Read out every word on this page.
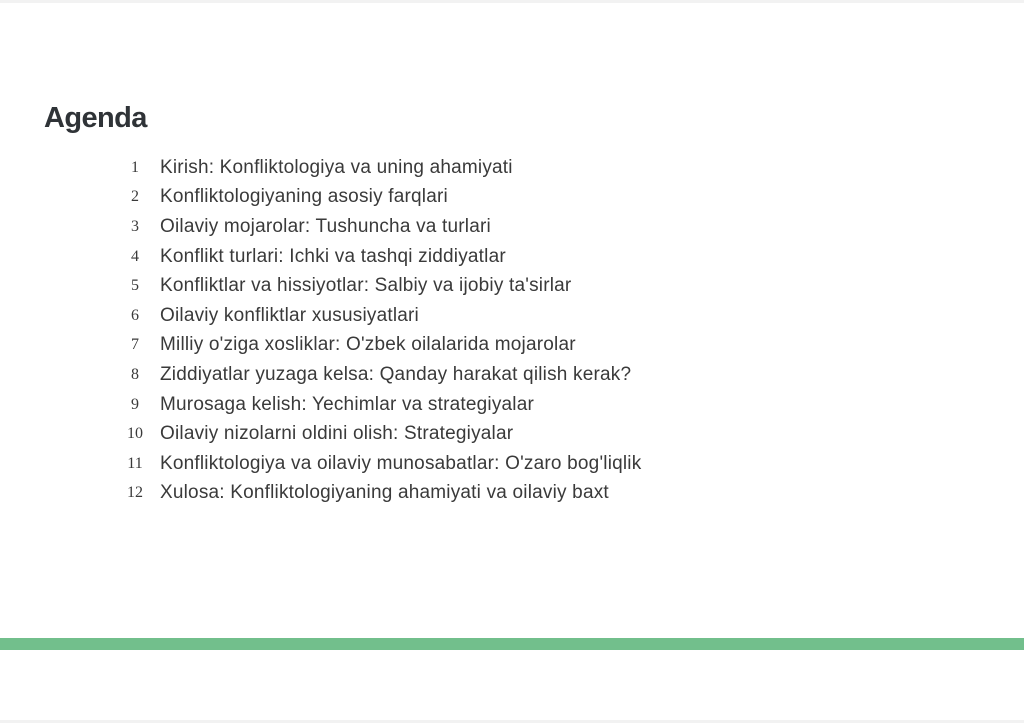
Agenda
1	Kirish: Konfliktologiya va uning ahamiyati
2	Konfliktologiyaning asosiy farqlari
3	Oilaviy mojarolar: Tushuncha va turlari
4	Konflikt turlari: Ichki va tashqi ziddiyatlar
5	Konfliktlar va hissiyotlar: Salbiy va ijobiy ta'sirlar
6	Oilaviy konfliktlar xususiyatlari
7	Milliy o'ziga xosliklar: O'zbek oilalarida mojarolar
8	Ziddiyatlar yuzaga kelsa: Qanday harakat qilish kerak?
9	Murosaga kelish: Yechimlar va strategiyalar
10 Oilaviy nizolarni oldini olish: Strategiyalar
11 Konfliktologiya va oilaviy munosabatlar: O'zaro bog'liqlik
12 Xulosa: Konfliktologiyaning ahamiyati va oilaviy baxt
